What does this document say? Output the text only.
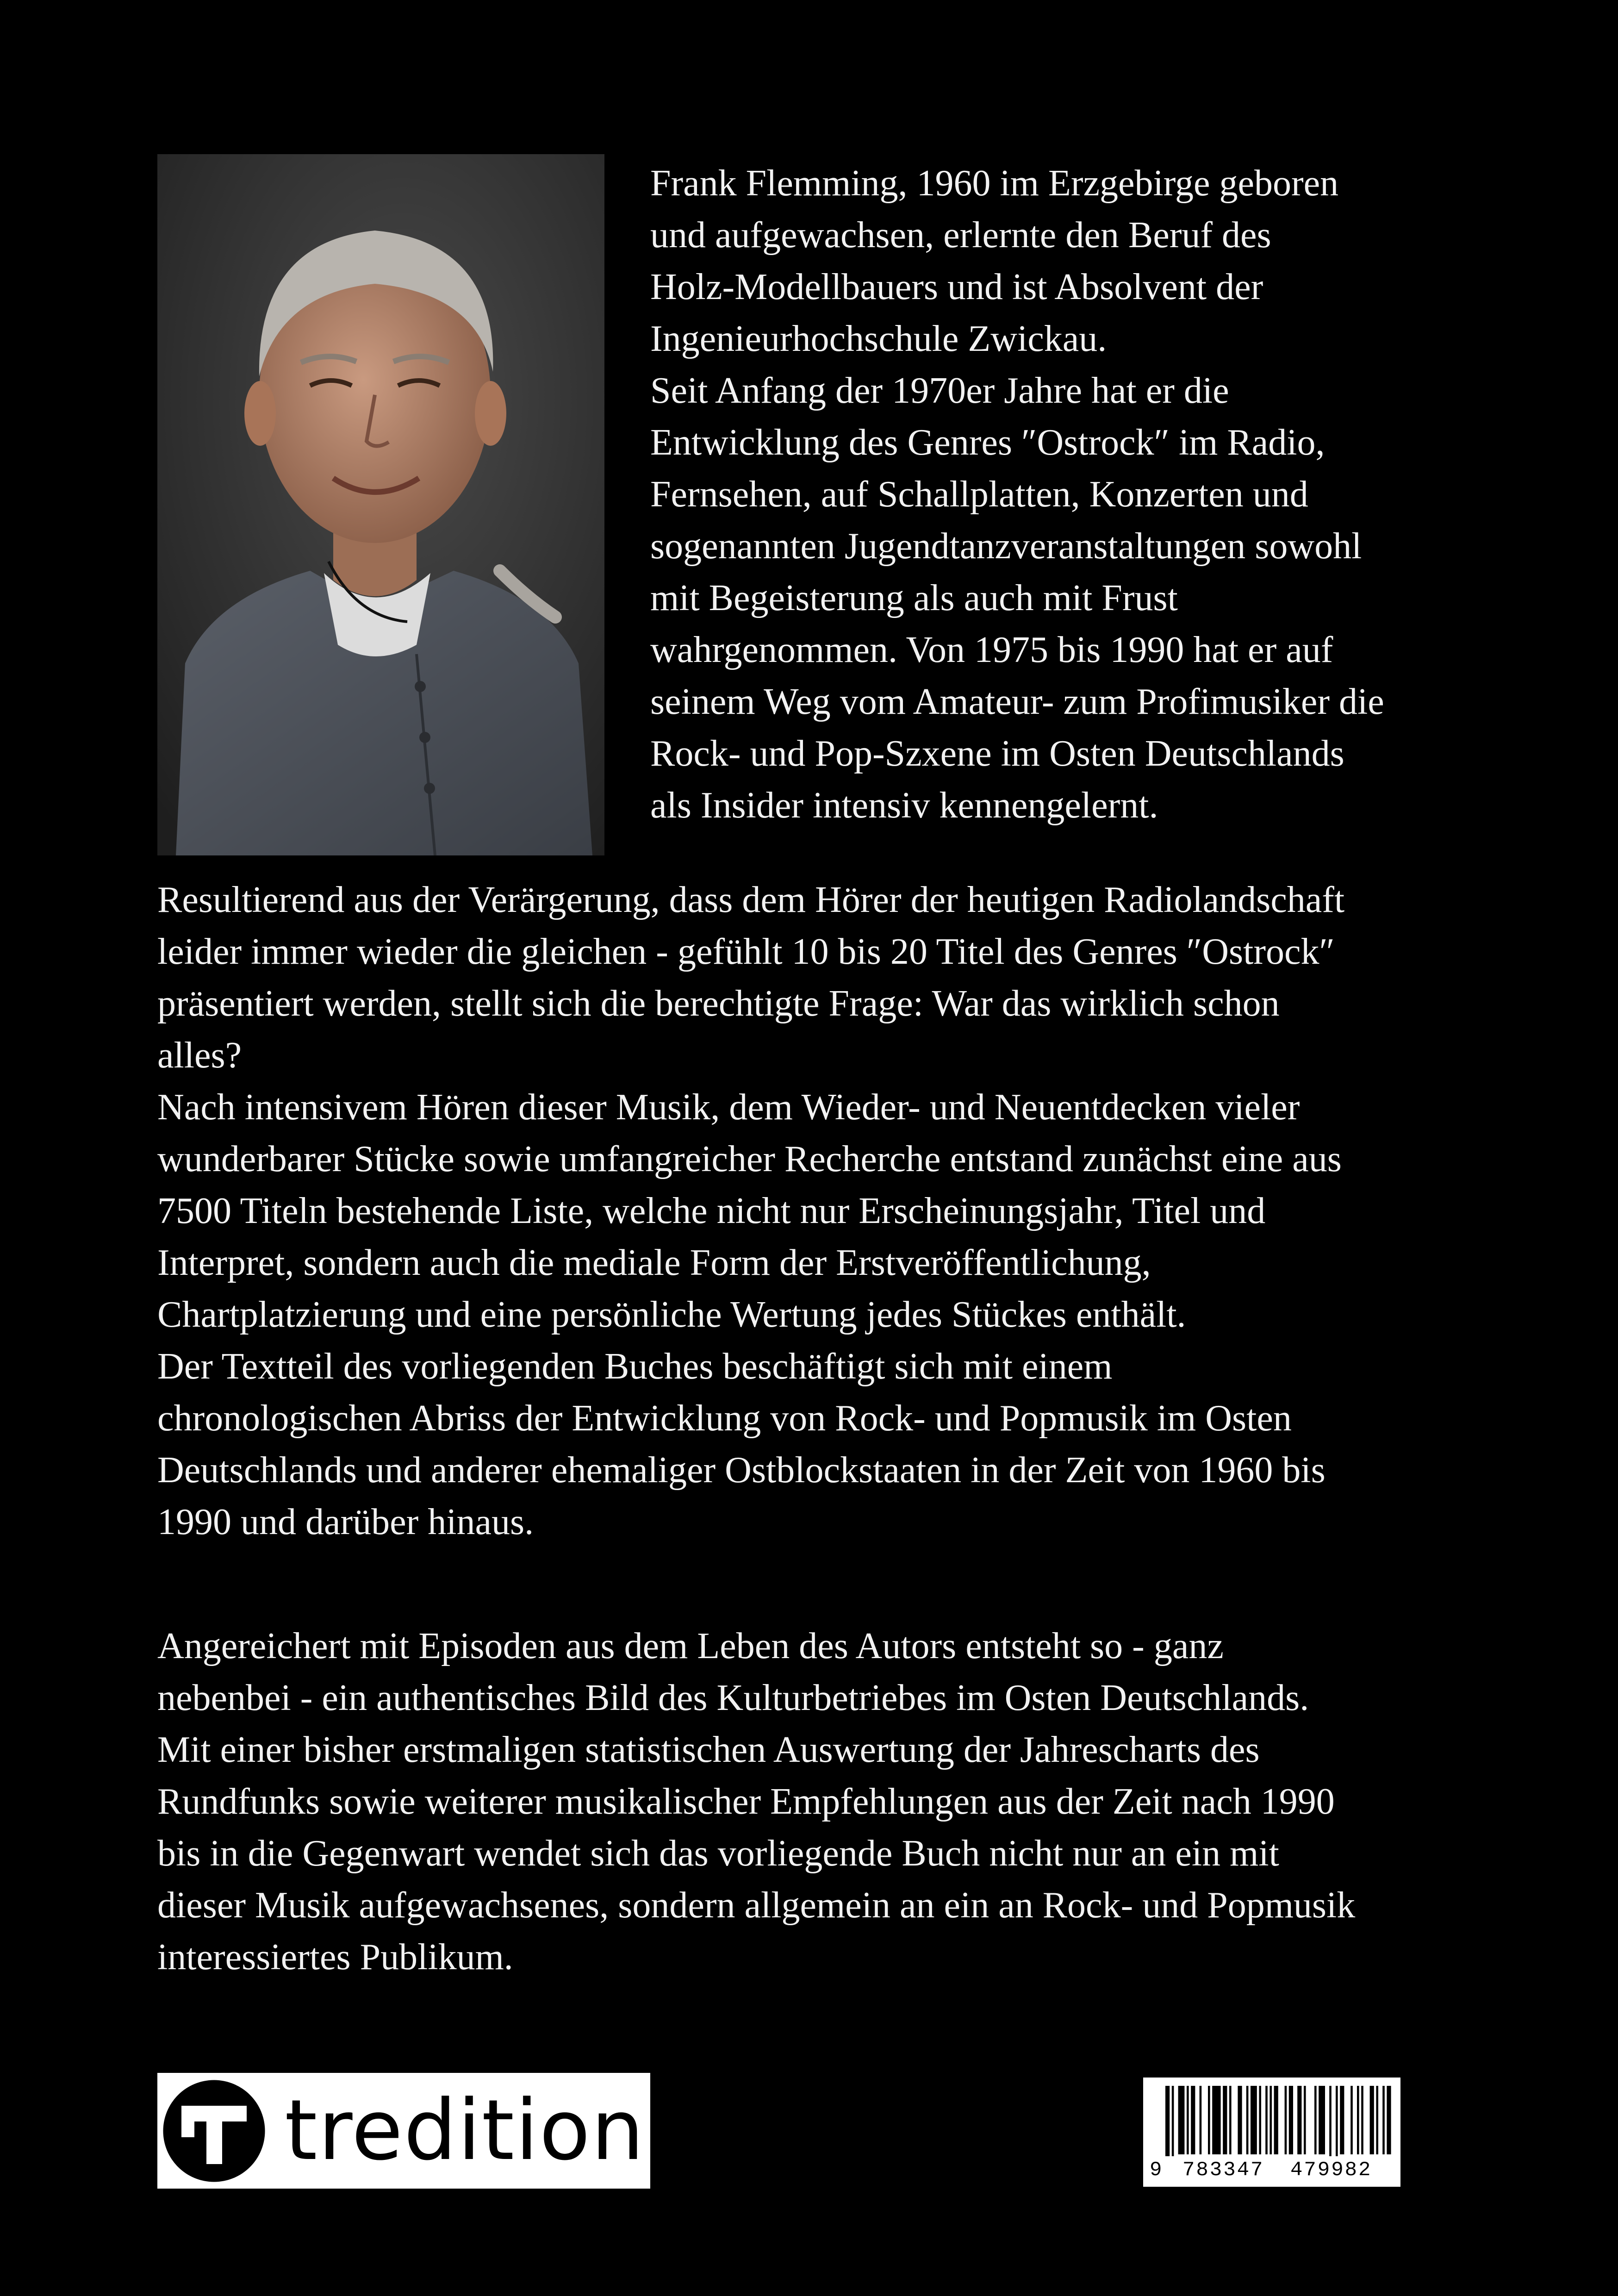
Frank Flemming, 1960 im Erzgebirge geboren
und aufgewachsen, erlernte den Beruf des
Holz-Modellbauers und ist Absolvent der
Ingenieurhochschule Zwickau.
Seit Anfang der 1970er Jahre hat er die
Entwicklung des Genres ″Ostrock″ im Radio,
Fernsehen, auf Schallplatten, Konzerten und
sogenannten Jugendtanzveranstaltungen sowohl
mit Begeisterung als auch mit Frust
wahrgenommen. Von 1975 bis 1990 hat er auf
seinem Weg vom Amateur- zum Profimusiker die
Rock- und Pop-Szxene im Osten Deutschlands
als Insider intensiv kennengelernt.

Resultierend aus der Verärgerung, dass dem Hörer der heutigen Radiolandschaft
leider immer wieder die gleichen - gefühlt 10 bis 20 Titel des Genres ″Ostrock″
präsentiert werden, stellt sich die berechtigte Frage: War das wirklich schon
alles?
Nach intensivem Hören dieser Musik, dem Wieder- und Neuentdecken vieler
wunderbarer Stücke sowie umfangreicher Recherche entstand zunächst eine aus
7500 Titeln bestehende Liste, welche nicht nur Erscheinungsjahr, Titel und
Interpret, sondern auch die mediale Form der Erstveröffentlichung,
Chartplatzierung und eine persönliche Wertung jedes Stückes enthält.
Der Textteil des vorliegenden Buches beschäftigt sich mit einem
chronologischen Abriss der Entwicklung von Rock- und Popmusik im Osten
Deutschlands und anderer ehemaliger Ostblockstaaten in der Zeit von 1960 bis
1990 und darüber hinaus.

Angereichert mit Episoden aus dem Leben des Autors entsteht so - ganz
nebenbei - ein authentisches Bild des Kulturbetriebes im Osten Deutschlands.
Mit einer bisher erstmaligen statistischen Auswertung der Jahrescharts des
Rundfunks sowie weiterer musikalischer Empfehlungen aus der Zeit nach 1990
bis in die Gegenwart wendet sich das vorliegende Buch nicht nur an ein mit
dieser Musik aufgewachsenes, sondern allgemein an ein an Rock- und Popmusik
interessiertes Publikum.

tredition	9 783347 479982
